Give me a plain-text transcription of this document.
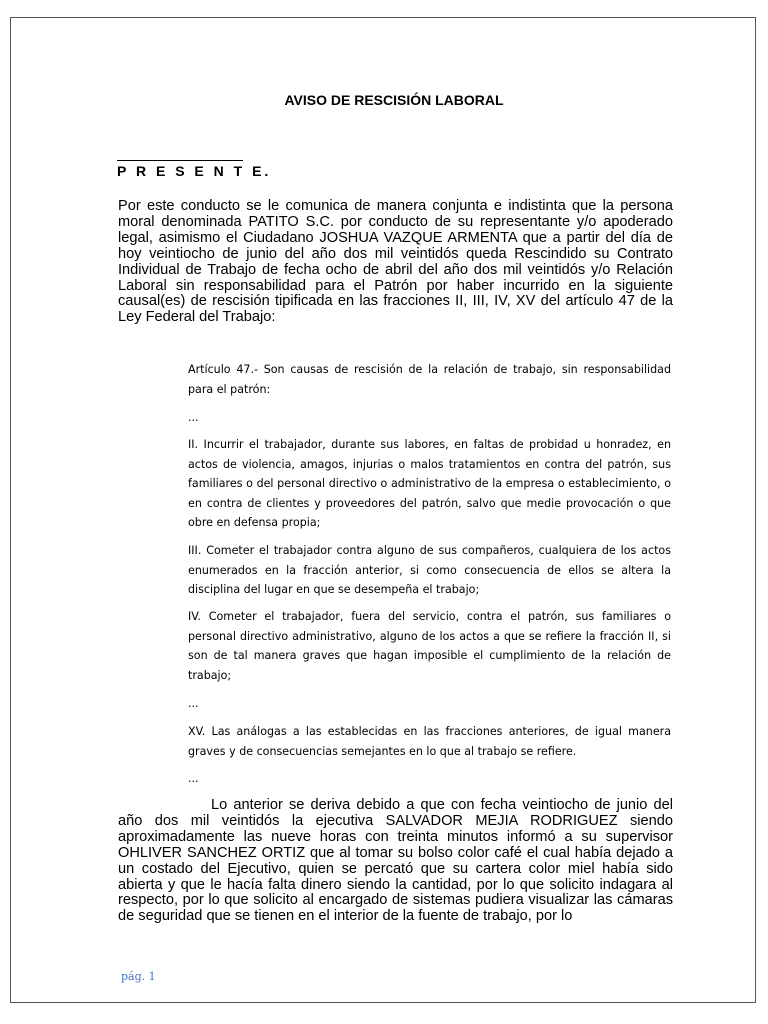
AVISO DE RESCISIÓN LABORAL
P R E S E N T E.

Por este conducto se le comunica de manera conjunta e indistinta que la persona moral denominada PATITO S.C. por conducto de su representante y/o apoderado legal, asimismo el Ciudadano JOSHUA VAZQUE ARMENTA que a partir del día de hoy veintiocho de junio del año dos mil veintidós queda Rescindido su Contrato Individual de Trabajo de fecha ocho de abril del año dos mil veintidós y/o Relación Laboral sin responsabilidad para el Patrón por haber incurrido en la siguiente causal(es) de rescisión tipificada en las fracciones II, III, IV, XV del artículo 47 de la Ley Federal del Trabajo:

Artículo 47.- Son causas de rescisión de la relación de trabajo, sin responsabilidad para el patrón:

...

II. Incurrir el trabajador, durante sus labores, en faltas de probidad u honradez, en actos de violencia, amagos, injurias o malos tratamientos en contra del patrón, sus familiares o del personal directivo o administrativo de la empresa o establecimiento, o en contra de clientes y proveedores del patrón, salvo que medie provocación o que obre en defensa propia;

III. Cometer el trabajador contra alguno de sus compañeros, cualquiera de los actos enumerados en la fracción anterior, si como consecuencia de ellos se altera la disciplina del lugar en que se desempeña el trabajo;

IV. Cometer el trabajador, fuera del servicio, contra el patrón, sus familiares o personal directivo administrativo, alguno de los actos a que se refiere la fracción II, si son de tal manera graves que hagan imposible el cumplimiento de la relación de trabajo;

...

XV. Las análogas a las establecidas en las fracciones anteriores, de igual manera graves y de consecuencias semejantes en lo que al trabajo se refiere.

...

Lo anterior se deriva debido a que con fecha veintiocho de junio del año dos mil veintidós la ejecutiva SALVADOR MEJIA RODRIGUEZ siendo aproximadamente las nueve horas con treinta minutos informó a su supervisor OHLIVER SANCHEZ ORTIZ que al tomar su bolso color café el cual había dejado a un costado del Ejecutivo, quien se percató que su cartera color miel había sido abierta y que le hacía falta dinero siendo la cantidad, por lo que solicito indagara al respecto, por lo que solicito al encargado de sistemas pudiera visualizar las cámaras de seguridad que se tienen en el interior de la fuente de trabajo, por lo

pág. 1
